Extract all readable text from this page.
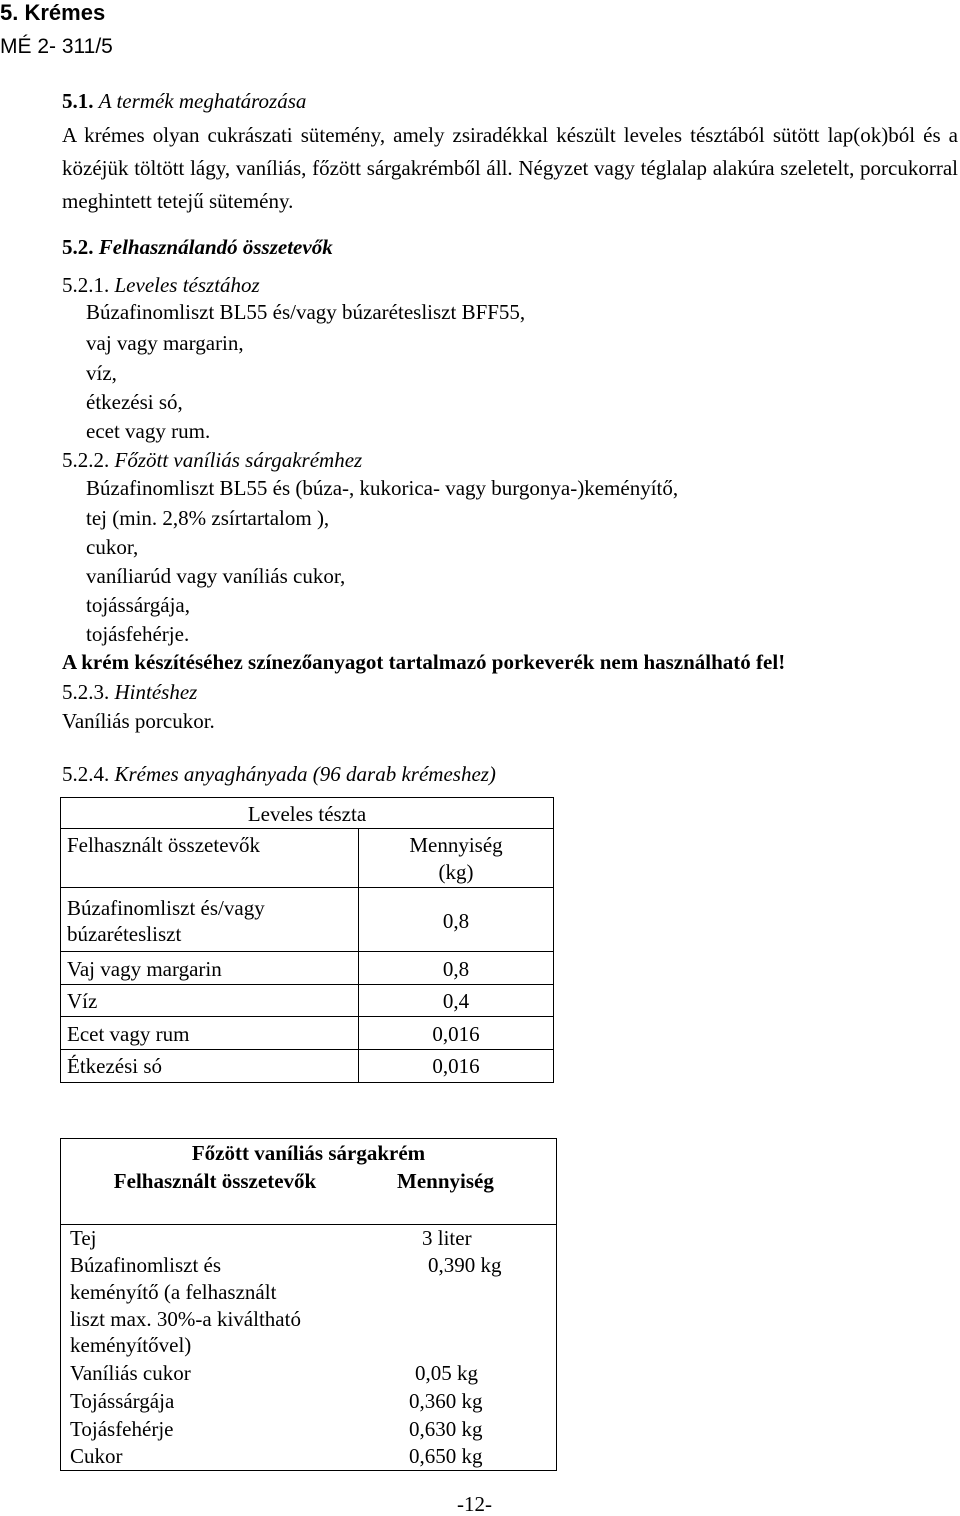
5. Krémes
MÉ 2- 311/5
5.1. A termék meghatározása
A krémes olyan cukrászati sütemény, amely zsiradékkal készült leveles tésztából sütött lap(ok)ból és a közéjük töltött lágy, vaníliás, főzött sárgakrémből áll. Négyzet vagy téglalap alakúra szeletelt, porcukorral meghintett tetejű sütemény.
5.2. Felhasználandó összetevők
5.2.1. Leveles tésztához
Búzafinomliszt BL55 és/vagy búzarétesliszt BFF55,
vaj vagy margarin,
víz,
étkezési só,
ecet vagy rum.
5.2.2. Főzött vaníliás sárgakrémhez
Búzafinomliszt BL55 és (búza-, kukorica- vagy burgonya-)keményítő,
tej (min. 2,8% zsírtartalom ),
cukor,
vaníliarúd vagy vaníliás cukor,
tojássárgája,
tojásfehérje.
A krém készítéséhez színezőanyagot tartalmazó porkeverék nem használható fel!
5.2.3. Hintéshez
Vaníliás porcukor.
5.2.4. Krémes anyaghányada (96 darab krémeshez)
Leveles tészta
Felhasznált összetevők	Mennyiség
(kg)
Búzafinomliszt és/vagy
búzarétesliszt
0,8
Vaj vagy margarin	0,8
Víz	0,4
Ecet vagy rum	0,016
Étkezési só	0,016
Főzött vaníliás sárgakrém
Felhasznált összetevők	Mennyiség
Tej	3 liter
Búzafinomliszt és
keményítő (a felhasznált
liszt max. 30%-a kiváltható
keményítővel)
0,390 kg
Vaníliás cukor	0,05 kg
Tojássárgája	0,360 kg
Tojásfehérje	0,630 kg
Cukor	0,650 kg
-12-
